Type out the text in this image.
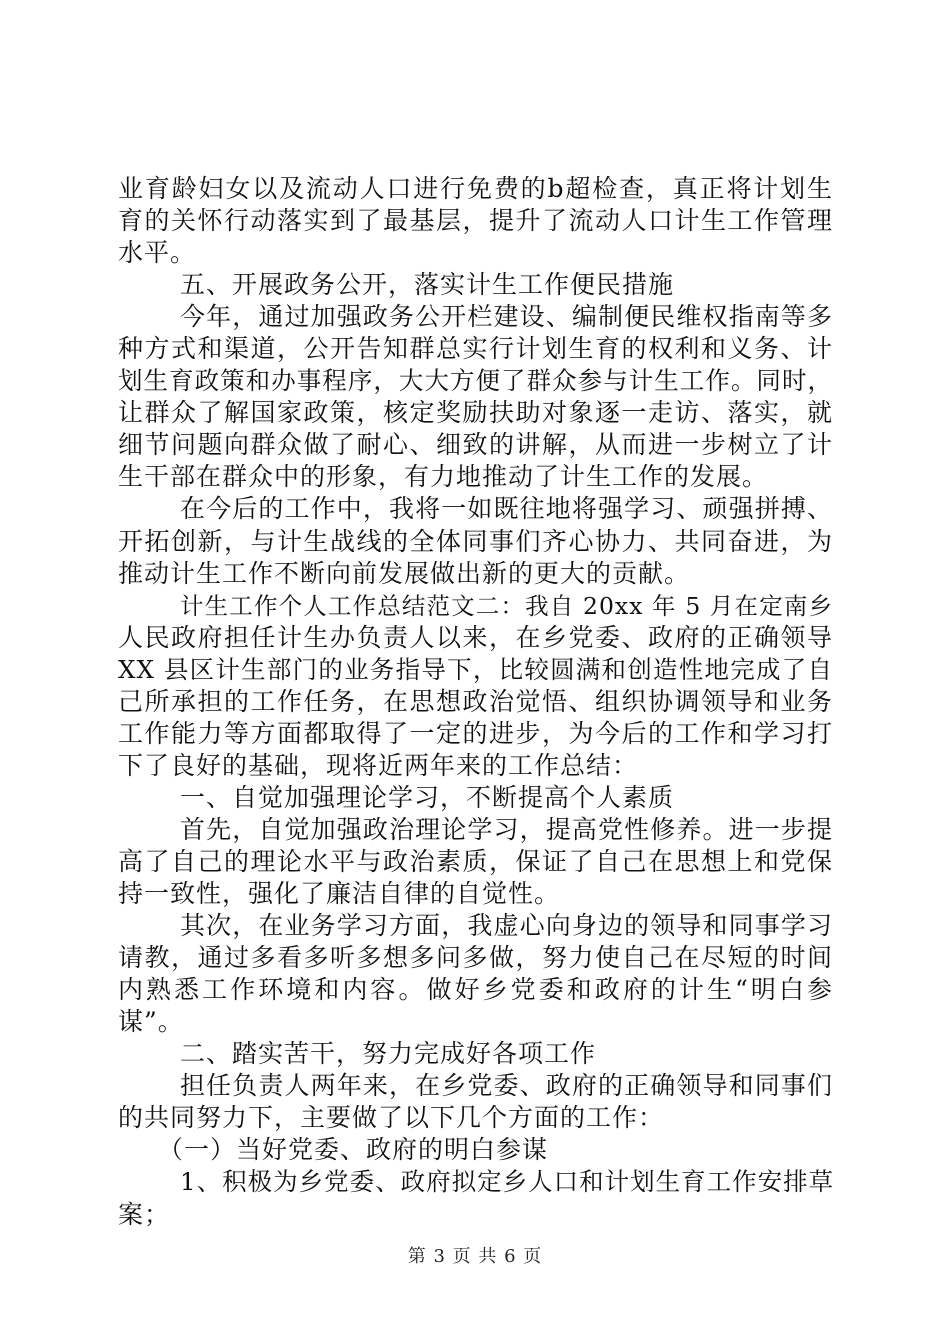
业育龄妇女以及流动人口进行免费的b超检查，真正将计划生
育的关怀行动落实到了最基层，提升了流动人口计生工作管理
水平。
五、开展政务公开，落实计生工作便民措施
今年，通过加强政务公开栏建设、编制便民维权指南等多
种方式和渠道，公开告知群总实行计划生育的权利和义务、计
划生育政策和办事程序，大大方便了群众参与计生工作。同时，
让群众了解国家政策，核定奖励扶助对象逐一走访、落实，就
细节问题向群众做了耐心、细致的讲解，从而进一步树立了计
生干部在群众中的形象，有力地推动了计生工作的发展。
在今后的工作中，我将一如既往地将强学习、顽强拼搏、
开拓创新，与计生战线的全体同事们齐心协力、共同奋进，为
推动计生工作不断向前发展做出新的更大的贡献。
计生工作个人工作总结范文二：我自 20xx 年 5 月在定南乡
人民政府担任计生办负责人以来，在乡党委、政府的正确领导
XX 县区计生部门的业务指导下，比较圆满和创造性地完成了自
己所承担的工作任务，在思想政治觉悟、组织协调领导和业务
工作能力等方面都取得了一定的进步，为今后的工作和学习打
下了良好的基础，现将近两年来的工作总结：
一、自觉加强理论学习，不断提高个人素质
首先，自觉加强政治理论学习，提高党性修养。进一步提
高了自己的理论水平与政治素质，保证了自己在思想上和党保
持一致性，强化了廉洁自律的自觉性。
其次，在业务学习方面，我虚心向身边的领导和同事学习
请教，通过多看多听多想多问多做，努力使自己在尽短的时间
内熟悉工作环境和内容。做好乡党委和政府的计生“明白参
谋”。
二、踏实苦干，努力完成好各项工作
担任负责人两年来，在乡党委、政府的正确领导和同事们
的共同努力下，主要做了以下几个方面的工作：
（一）当好党委、政府的明白参谋
1、积极为乡党委、政府拟定乡人口和计划生育工作安排草
案；
第 3 页 共 6 页
